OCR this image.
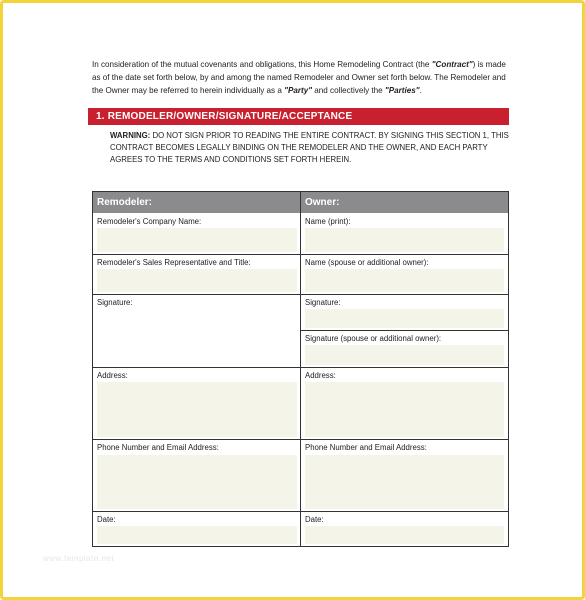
In consideration of the mutual covenants and obligations, this Home Remodeling Contract (the "Contract") is made as of the date set forth below, by and among the named Remodeler and Owner set forth below. The Remodeler and the Owner may be referred to herein individually as a "Party" and collectively the "Parties".

1. REMODELER/OWNER/SIGNATURE/ACCEPTANCE
WARNING: DO NOT SIGN PRIOR TO READING THE ENTIRE CONTRACT. BY SIGNING THIS SECTION 1, THIS CONTRACT BECOMES LEGALLY BINDING ON THE REMODELER AND THE OWNER, AND EACH PARTY AGREES TO THE TERMS AND CONDITIONS SET FORTH HEREIN.
Remodeler:	Owner:
Remodeler's Company Name:
Remodeler's Sales Representative and Title:
Signature:
Address:
Phone Number and Email Address:
Date:
Name (print):
Name (spouse or additional owner):
Signature:
Signature (spouse or additional owner):
Address:
Phone Number and Email Address:
Date:
www.template.net
